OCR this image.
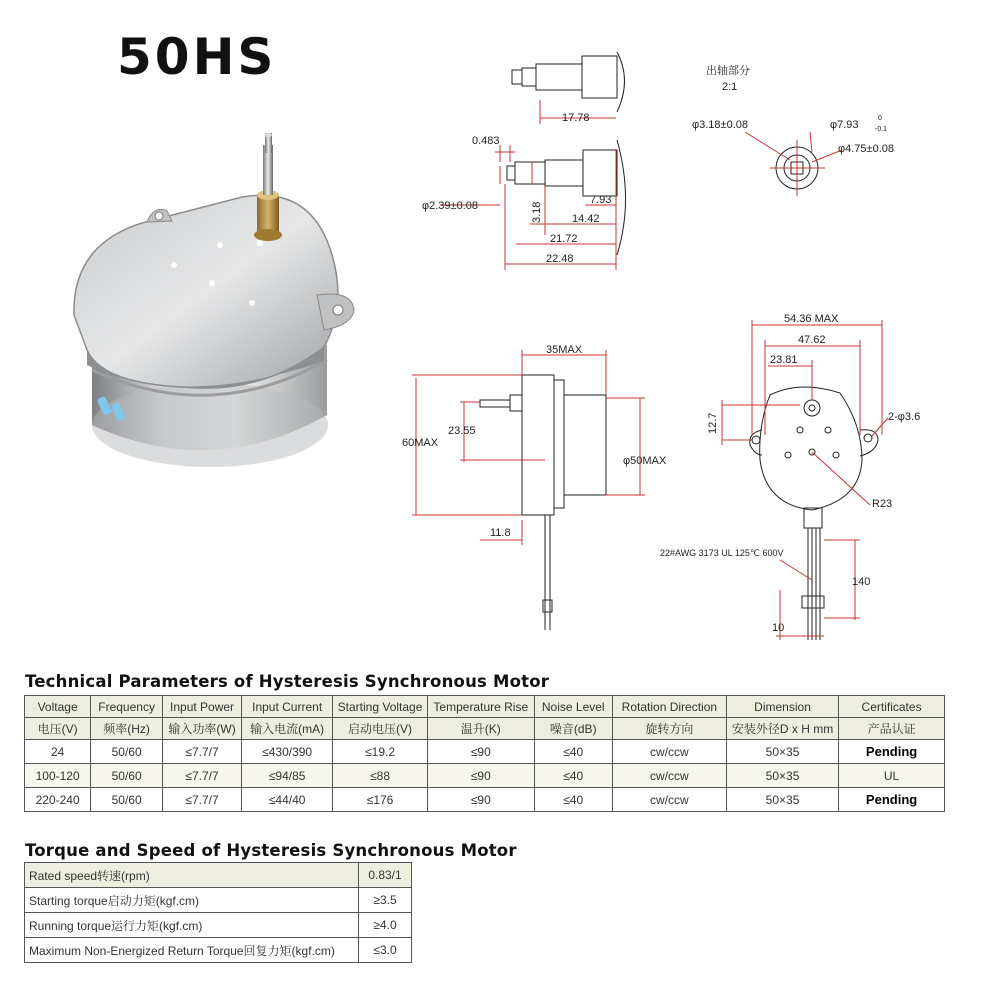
50HS
17.78
0.483
φ2.39±0.08	3.18
7.93
14.42
21.72
22.48
出轴部分
2:1
φ3.18±0.08	φ7.93
0
-0.1
φ4.75±0.08
35MAX
60MAX
23.55
φ50MAX
11.8
54.36 MAX
47.62
23.81
12.7	2-φ3.6
R23
22#AWG 3173 UL 125℃ 600V
140
10
Technical Parameters of Hysteresis Synchronous Motor
Voltage	Frequency	Input Power	Input Current	Starting Voltage	Temperature Rise	Noise Level	Rotation Direction	Dimension	Certificates
电压(V)	频率(Hz)	输入功率(W)	输入电流(mA)	启动电压(V)	温升(K)	噪音(dB)	旋转方向	安装外径D x H mm	产品认证
24	50/60	≤7.7/7	≤430/390	≤19.2	≤90	≤40	cw/ccw	50×35	Pending
100-120	50/60	≤7.7/7	≤94/85	≤88	≤90	≤40	cw/ccw	50×35	UL
220-240	50/60	≤7.7/7	≤44/40	≤176	≤90	≤40	cw/ccw	50×35	Pending
Torque and Speed of Hysteresis Synchronous Motor
Rated speed转速(rpm)	0.83/1
Starting torque启动力矩(kgf.cm)	≥3.5
Running torque运行力矩(kgf.cm)	≥4.0
Maximum Non-Energized Return Torque回复力矩(kgf.cm)	≤3.0
